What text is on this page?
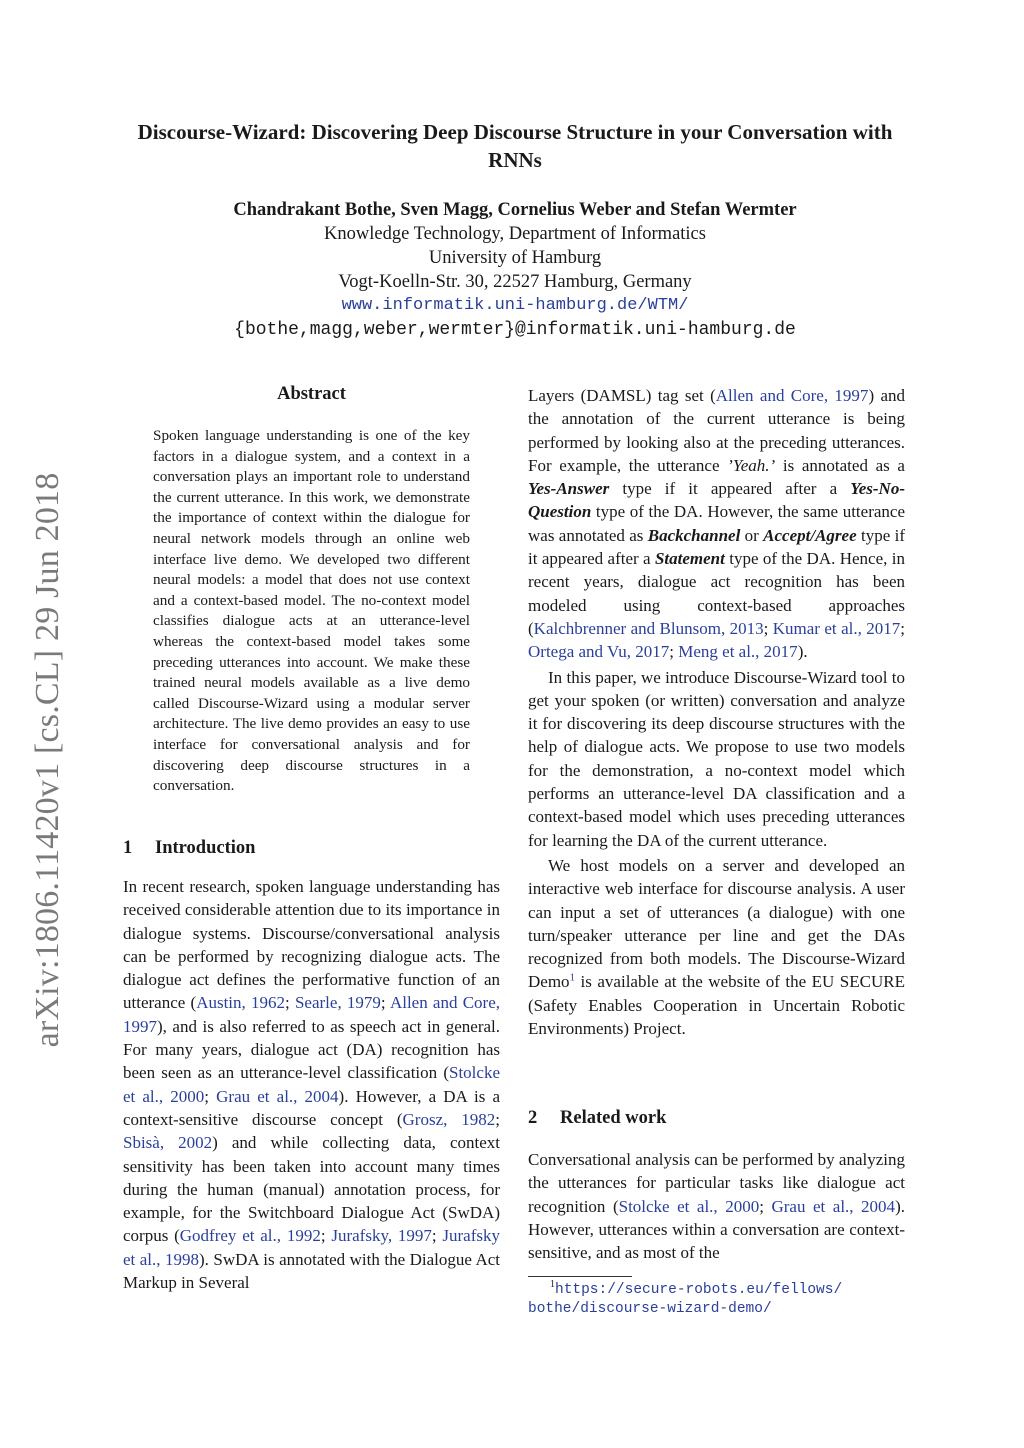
arXiv:1806.11420v1 [cs.CL] 29 Jun 2018
Discourse-Wizard: Discovering Deep Discourse Structure in your Conversation with RNNs
Chandrakant Bothe, Sven Magg, Cornelius Weber and Stefan Wermter
Knowledge Technology, Department of Informatics
University of Hamburg
Vogt-Koelln-Str. 30, 22527 Hamburg, Germany
www.informatik.uni-hamburg.de/WTM/
{bothe,magg,weber,wermter}@informatik.uni-hamburg.de
Abstract
Spoken language understanding is one of the key factors in a dialogue system, and a context in a conversation plays an important role to understand the current utterance. In this work, we demonstrate the importance of context within the dialogue for neural network models through an online web interface live demo. We developed two different neural models: a model that does not use context and a context-based model. The no-context model classifies dialogue acts at an utterance-level whereas the context-based model takes some preceding utterances into account. We make these trained neural models available as a live demo called Discourse-Wizard using a modular server architecture. The live demo provides an easy to use interface for conversational analysis and for discovering deep discourse structures in a conversation.
1 Introduction

In recent research, spoken language understanding has received considerable attention due to its importance in dialogue systems. Discourse/conversational analysis can be performed by recognizing dialogue acts. The dialogue act defines the performative function of an utterance (Austin, 1962; Searle, 1979; Allen and Core, 1997), and is also referred to as speech act in general. For many years, dialogue act (DA) recognition has been seen as an utterance-level classification (Stolcke et al., 2000; Grau et al., 2004). However, a DA is a context-sensitive discourse concept (Grosz, 1982; Sbisà, 2002) and while collecting data, context sensitivity has been taken into account many times during the human (manual) annotation process, for example, for the Switchboard Dialogue Act (SwDA) corpus (Godfrey et al., 1992; Jurafsky, 1997; Jurafsky et al., 1998). SwDA is annotated with the Dialogue Act Markup in Several

Layers (DAMSL) tag set (Allen and Core, 1997) and the annotation of the current utterance is being performed by looking also at the preceding utterances. For example, the utterance ’Yeah.’ is annotated as a Yes-Answer type if it appeared after a Yes-No-Question type of the DA. However, the same utterance was annotated as Backchannel or Accept/Agree type if it appeared after a Statement type of the DA. Hence, in recent years, dialogue act recognition has been modeled using context-based approaches (Kalchbrenner and Blunsom, 2013; Kumar et al., 2017; Ortega and Vu, 2017; Meng et al., 2017).

In this paper, we introduce Discourse-Wizard tool to get your spoken (or written) conversation and analyze it for discovering its deep discourse structures with the help of dialogue acts. We propose to use two models for the demonstration, a no-context model which performs an utterance-level DA classification and a context-based model which uses preceding utterances for learning the DA of the current utterance.

We host models on a server and developed an interactive web interface for discourse analysis. A user can input a set of utterances (a dialogue) with one turn/speaker utterance per line and get the DAs recognized from both models. The Discourse-Wizard Demo$^1$ is available at the website of the EU SECURE (Safety Enables Cooperation in Uncertain Robotic Environments) Project.

2 Related work

Conversational analysis can be performed by analyzing the utterances for particular tasks like dialogue act recognition (Stolcke et al., 2000; Grau et al., 2004). However, utterances within a conversation are context-sensitive, and as most of the

$^1$https://secure-robots.eu/fellows/
bothe/discourse-wizard-demo/
